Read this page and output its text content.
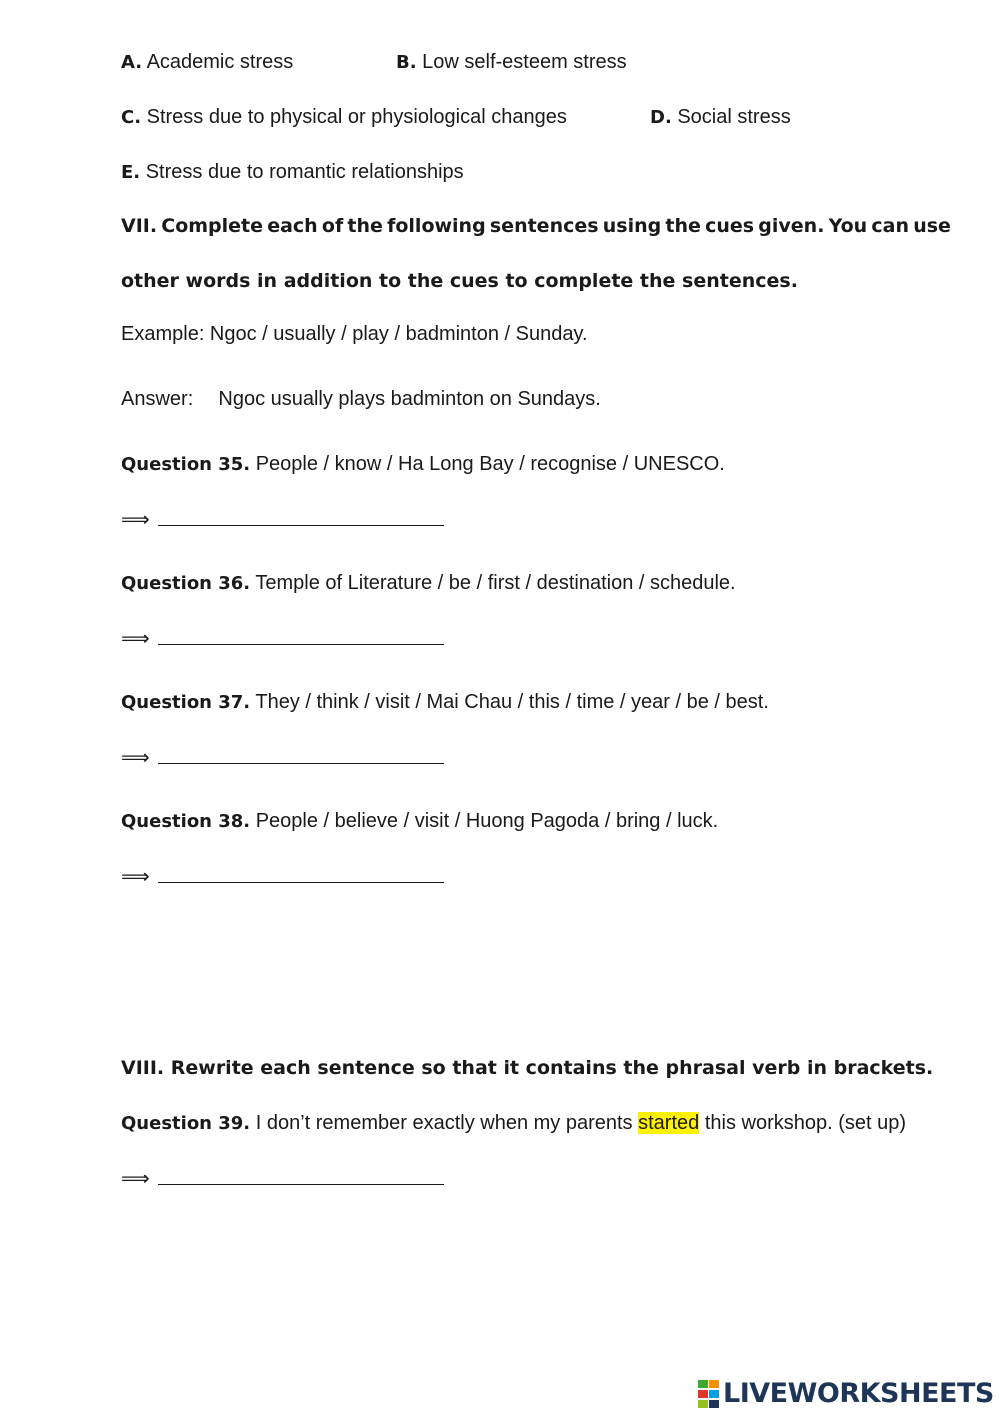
A. Academic stress	B. Low self-esteem stress
C. Stress due to physical or physiological changes	D. Social stress
E. Stress due to romantic relationships
VII. Complete each of the following sentences using the cues given. You can use
other words in addition to the cues to complete the sentences.
Example: Ngoc / usually / play / badminton / Sunday.
Answer: Ngoc usually plays badminton on Sundays.
Question 35. People / know / Ha Long Bay / recognise / UNESCO.
⟹
Question 36. Temple of Literature / be / first / destination / schedule.
⟹
Question 37. They / think / visit / Mai Chau / this / time / year / be / best.
⟹
Question 38. People / believe / visit / Huong Pagoda / bring / luck.
⟹
VIII. Rewrite each sentence so that it contains the phrasal verb in brackets.
Question 39. I don’t remember exactly when my parents started this workshop. (set up)
⟹
LIVEWORKSHEETS
